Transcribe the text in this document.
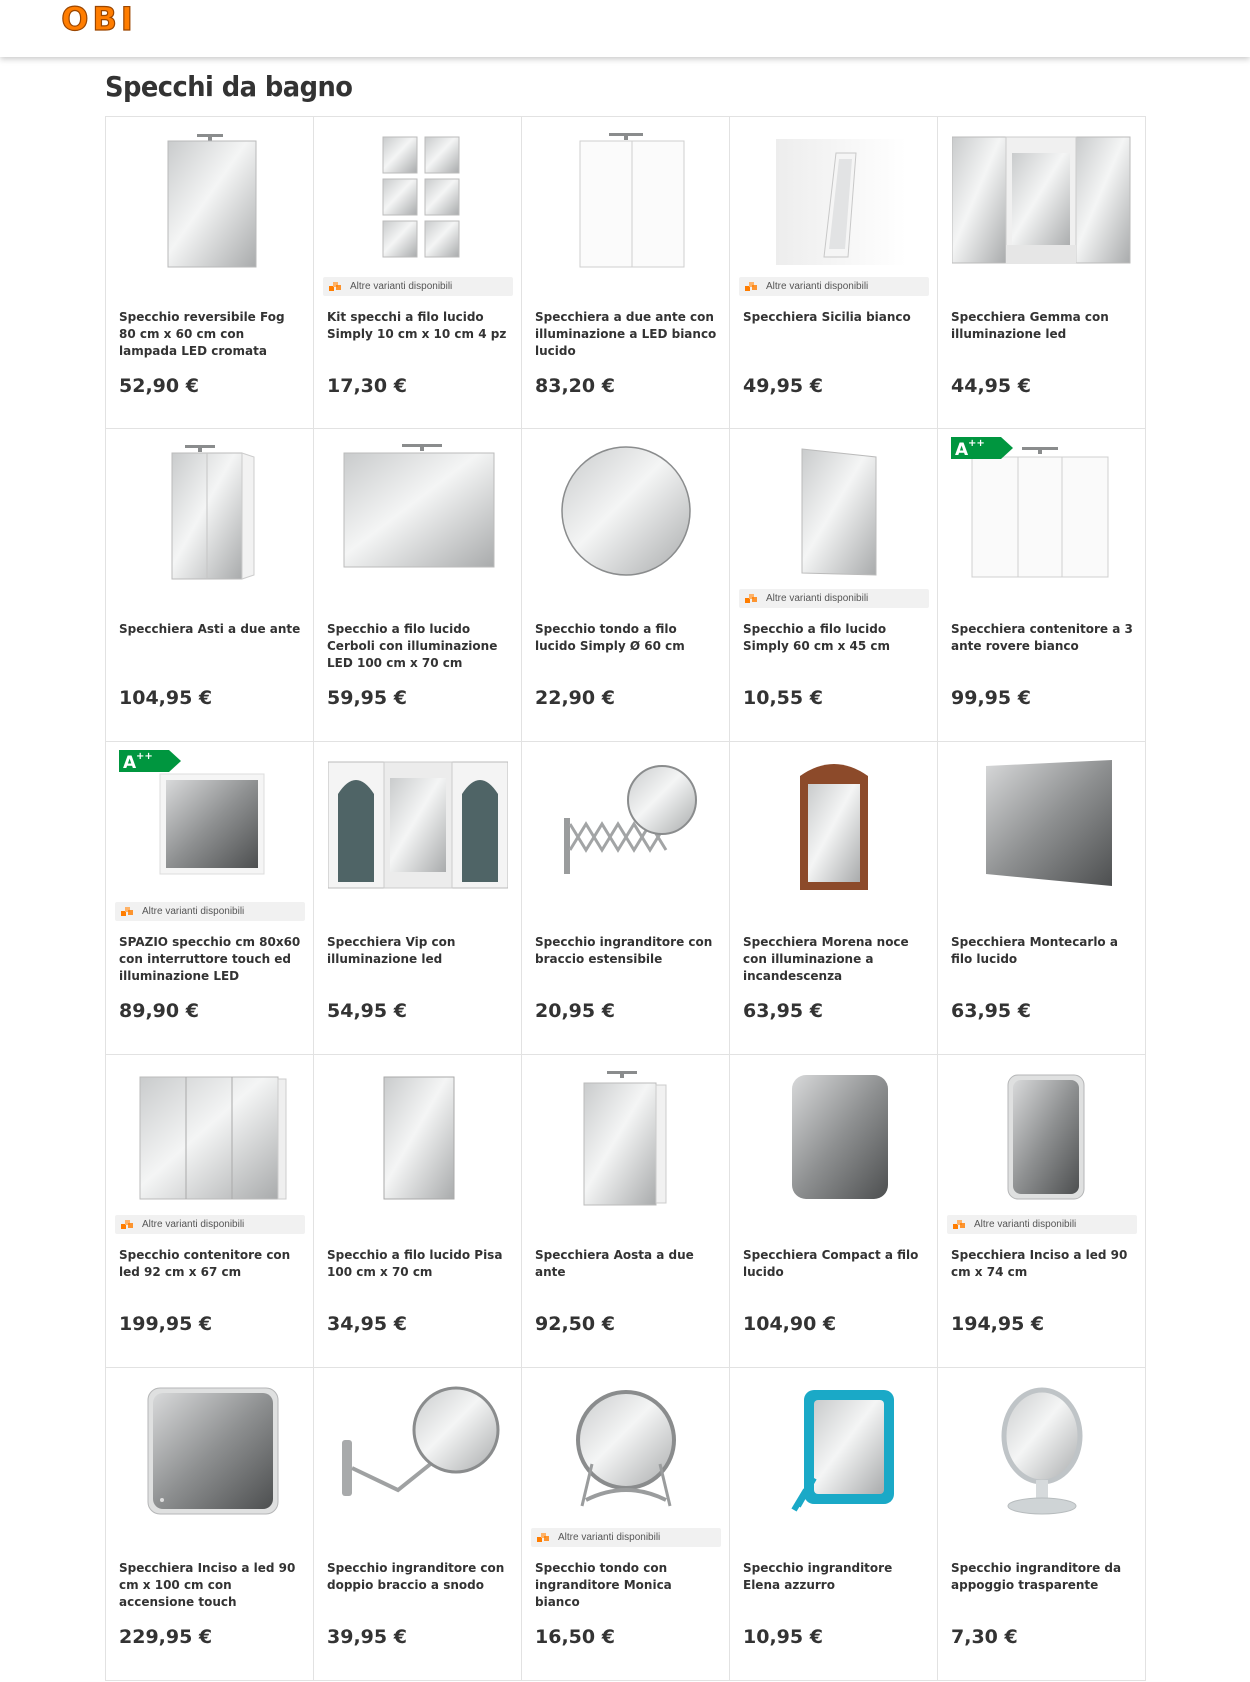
OBI
Specchi da bagno
Specchio reversibile Fog 80 cm x 60 cm con lampada LED cromata
52,90 €
Altre varianti disponibili
Kit specchi a filo lucido Simply 10 cm x 10 cm 4 pz
17,30 €
Specchiera a due ante con illuminazione a LED bianco lucido
83,20 €
Altre varianti disponibili
Specchiera Sicilia bianco
49,95 €
Specchiera Gemma con illuminazione led
44,95 €
Specchiera Asti a due ante
104,95 €
Specchio a filo lucido Cerboli con illuminazione LED 100 cm x 70 cm
59,95 €
Specchio tondo a filo lucido Simply Ø 60 cm
22,90 €
Altre varianti disponibili
Specchio a filo lucido Simply 60 cm x 45 cm
10,55 €
A ++
Specchiera contenitore a 3 ante rovere bianco
99,95 €
A ++
Altre varianti disponibili
SPAZIO specchio cm 80x60 con interruttore touch ed illuminazione LED
89,90 €
Specchiera Vip con illuminazione led
54,95 €
Specchio ingranditore con braccio estensibile
20,95 €
Specchiera Morena noce con illuminazione a incandescenza
63,95 €
Specchiera Montecarlo a filo lucido
63,95 €
Altre varianti disponibili
Specchio contenitore con led 92 cm x 67 cm
199,95 €
Specchio a filo lucido Pisa 100 cm x 70 cm
34,95 €
Specchiera Aosta a due ante
92,50 €
Specchiera Compact a filo lucido
104,90 €
Altre varianti disponibili
Specchiera Inciso a led 90 cm x 74 cm
194,95 €
Specchiera Inciso a led 90 cm x 100 cm con accensione touch
229,95 €
Specchio ingranditore con doppio braccio a snodo
39,95 €
Altre varianti disponibili
Specchio tondo con ingranditore Monica bianco
16,50 €
Specchio ingranditore Elena azzurro
10,95 €
Specchio ingranditore da appoggio trasparente
7,30 €
